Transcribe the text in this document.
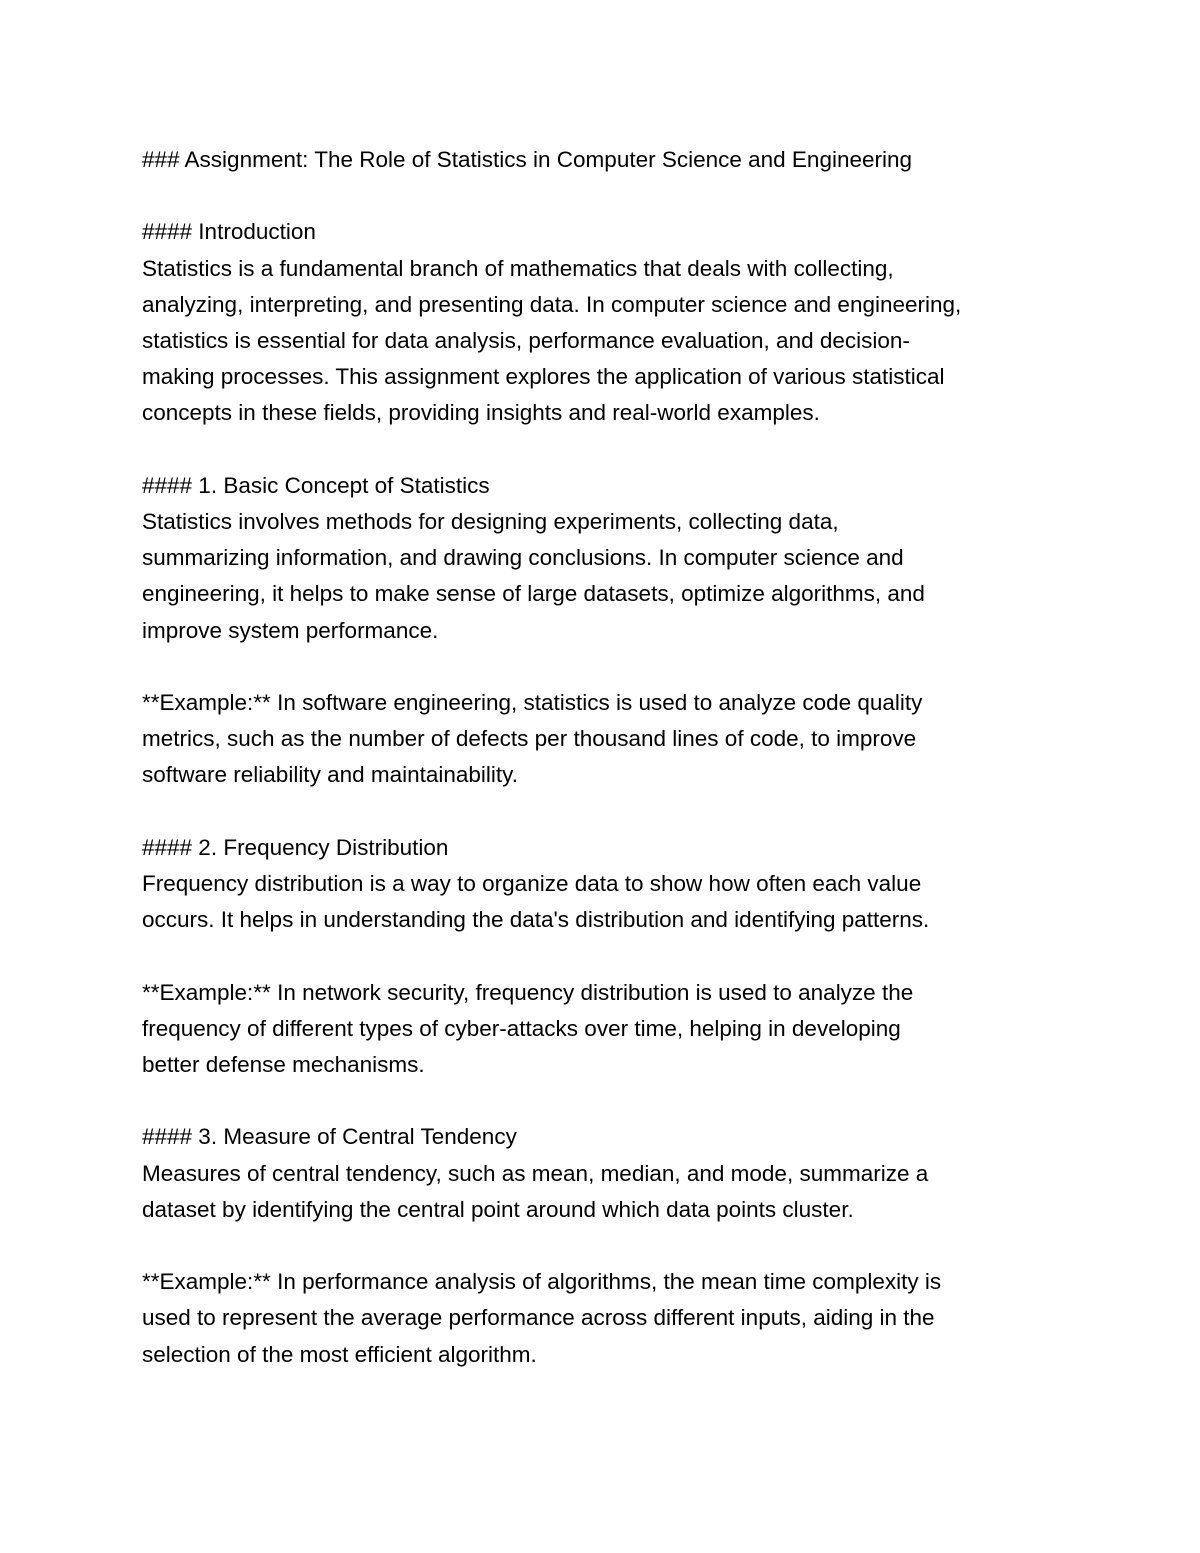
### Assignment: The Role of Statistics in Computer Science and Engineering
#### Introduction
Statistics is a fundamental branch of mathematics that deals with collecting,
analyzing, interpreting, and presenting data. In computer science and engineering,
statistics is essential for data analysis, performance evaluation, and decision-
making processes. This assignment explores the application of various statistical
concepts in these fields, providing insights and real-world examples.
#### 1. Basic Concept of Statistics
Statistics involves methods for designing experiments, collecting data,
summarizing information, and drawing conclusions. In computer science and
engineering, it helps to make sense of large datasets, optimize algorithms, and
improve system performance.
**Example:** In software engineering, statistics is used to analyze code quality
metrics, such as the number of defects per thousand lines of code, to improve
software reliability and maintainability.
#### 2. Frequency Distribution
Frequency distribution is a way to organize data to show how often each value
occurs. It helps in understanding the data's distribution and identifying patterns.
**Example:** In network security, frequency distribution is used to analyze the
frequency of different types of cyber-attacks over time, helping in developing
better defense mechanisms.
#### 3. Measure of Central Tendency
Measures of central tendency, such as mean, median, and mode, summarize a
dataset by identifying the central point around which data points cluster.
**Example:** In performance analysis of algorithms, the mean time complexity is
used to represent the average performance across different inputs, aiding in the
selection of the most efficient algorithm.
